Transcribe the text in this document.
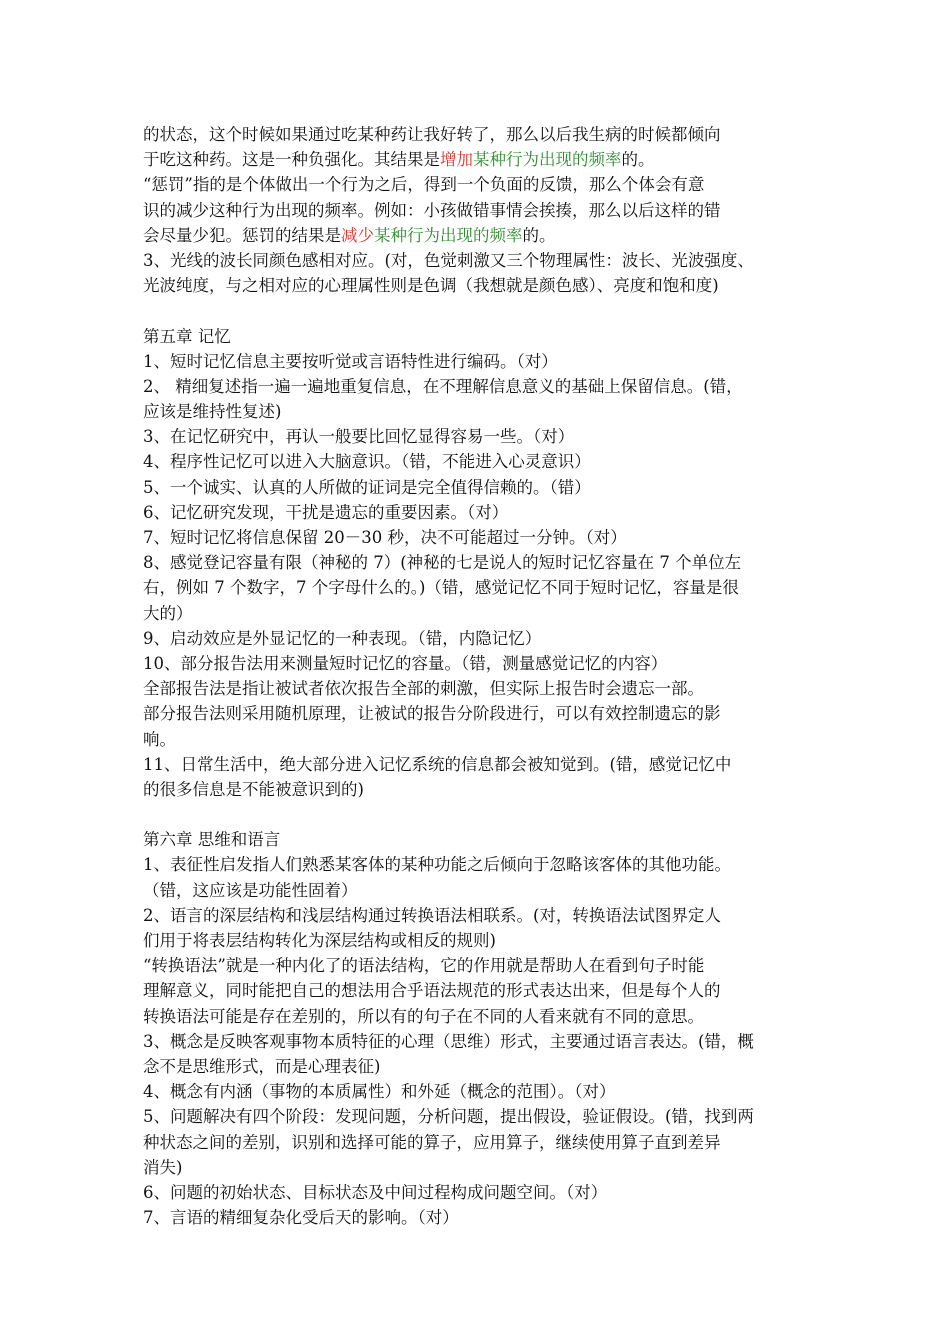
的状态，这个时候如果通过吃某种药让我好转了，那么以后我生病的时候都倾向
于吃这种药。这是一种负强化。其结果是增加某种行为出现的频率的。
“惩罚”指的是个体做出一个行为之后，得到一个负面的反馈，那么个体会有意
识的减少这种行为出现的频率。例如：小孩做错事情会挨揍，那么以后这样的错
会尽量少犯。惩罚的结果是减少某种行为出现的频率的。
3、光线的波长同颜色感相对应。(对，色觉刺激又三个物理属性：波长、光波强度、
光波纯度，与之相对应的心理属性则是色调（我想就是颜色感）、亮度和饱和度)
第五章 记忆
1、短时记忆信息主要按听觉或言语特性进行编码。（对）
2、 精细复述指一遍一遍地重复信息，在不理解信息意义的基础上保留信息。(错，
应该是维持性复述)
3、在记忆研究中，再认一般要比回忆显得容易一些。（对）
4、程序性记忆可以进入大脑意识。（错，不能进入心灵意识）
5、一个诚实、认真的人所做的证词是完全值得信赖的。（错）
6、记忆研究发现，干扰是遗忘的重要因素。（对）
7、短时记忆将信息保留 20－30 秒，决不可能超过一分钟。（对）
8、感觉登记容量有限（神秘的 7）(神秘的七是说人的短时记忆容量在 7 个单位左
右，例如 7 个数字，7 个字母什么的。)（错，感觉记忆不同于短时记忆，容量是很
大的）
9、启动效应是外显记忆的一种表现。（错，内隐记忆）
10、部分报告法用来测量短时记忆的容量。（错，测量感觉记忆的内容）
全部报告法是指让被试者依次报告全部的刺激，但实际上报告时会遗忘一部。
部分报告法则采用随机原理，让被试的报告分阶段进行，可以有效控制遗忘的影
响。
11、日常生活中，绝大部分进入记忆系统的信息都会被知觉到。(错，感觉记忆中
的很多信息是不能被意识到的)
第六章 思维和语言
1、表征性启发指人们熟悉某客体的某种功能之后倾向于忽略该客体的其他功能。
（错，这应该是功能性固着）
2、语言的深层结构和浅层结构通过转换语法相联系。(对，转换语法试图界定人
们用于将表层结构转化为深层结构或相反的规则)
“转换语法”就是一种内化了的语法结构，它的作用就是帮助人在看到句子时能
理解意义，同时能把自己的想法用合乎语法规范的形式表达出来，但是每个人的
转换语法可能是存在差别的，所以有的句子在不同的人看来就有不同的意思。
3、概念是反映客观事物本质特征的心理（思维）形式，主要通过语言表达。(错，概
念不是思维形式，而是心理表征)
4、概念有内涵（事物的本质属性）和外延（概念的范围）。（对）
5、问题解决有四个阶段：发现问题，分析问题，提出假设，验证假设。(错，找到两
种状态之间的差别，识别和选择可能的算子，应用算子，继续使用算子直到差异
消失)
6、问题的初始状态、目标状态及中间过程构成问题空间。（对）
7、言语的精细复杂化受后天的影响。（对）
